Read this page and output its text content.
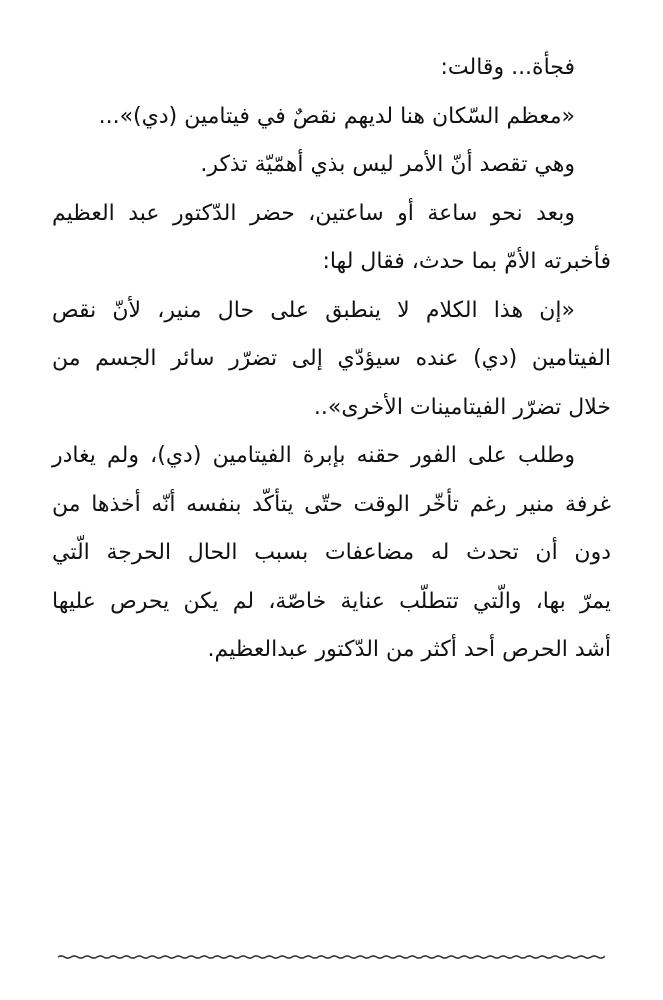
فجأة... وقالت:

«معظم السّكان هنا لديهم نقصٌ في فيتامين (دي)»...

وهي تقصد أنّ الأمر ليس بذي أهمّيّة تذكر.

وبعد نحو ساعة أو ساعتين، حضر الدّكتور عبد العظيم
فأخبرته الأمّ بما حدث، فقال لها:

«إن هذا الكلام لا ينطبق على حال منير، لأنّ نقص
الفيتامين (دي) عنده سيؤدّي إلى تضرّر سائر الجسم من
خلال تضرّر الفيتامينات الأخرى»..

وطلب على الفور حقنه بإبرة الفيتامين (دي)، ولم يغادر
غرفة منير رغم تأخّر الوقت حتّى يتأكّد بنفسه أنّه أخذها من
دون أن تحدث له مضاعفات بسبب الحال الحرجة الّتي
يمرّ بها، والّتي تتطلّب عناية خاصّة، لم يكن يحرص عليها
أشد الحرص أحد أكثر من الدّكتور عبدالعظيم.
